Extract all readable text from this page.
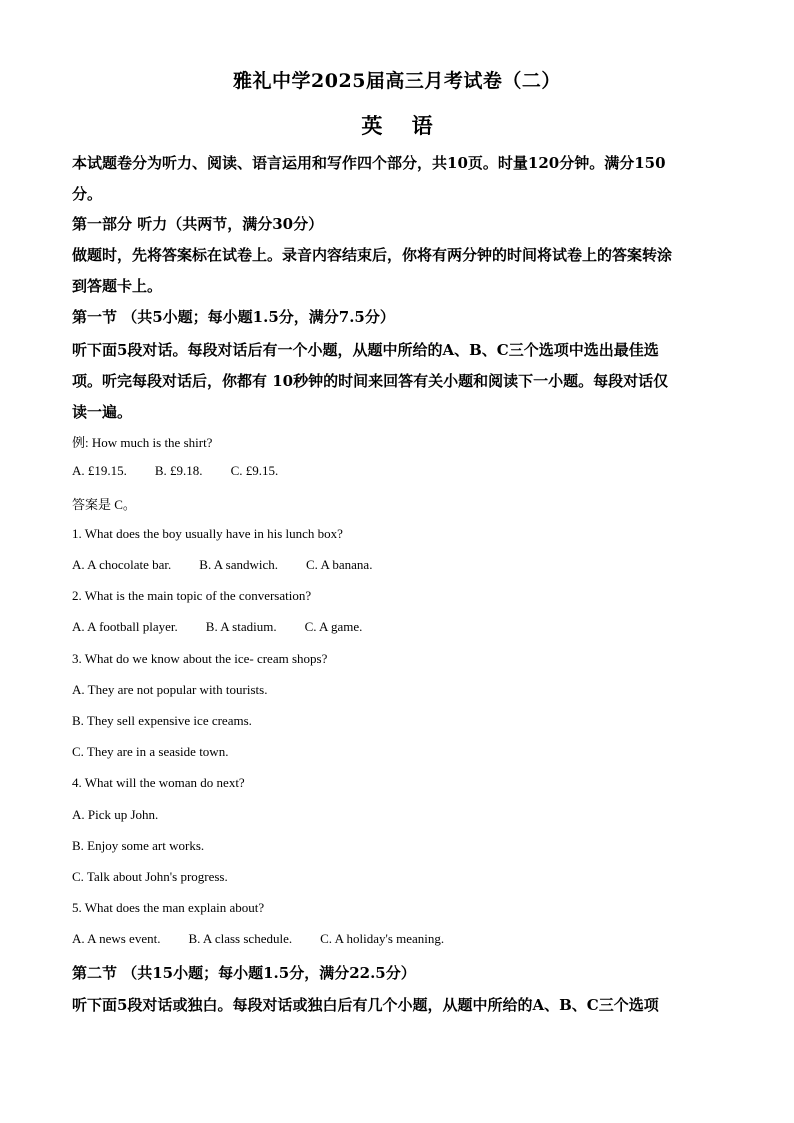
雅礼中学2025届高三月考试卷（二）
英 语
本试题卷分为听力、阅读、语言运用和写作四个部分，共10页。时量120分钟。满分150
分。
第一部分 听力（共两节，满分30分）
做题时，先将答案标在试卷上。录音内容结束后，你将有两分钟的时间将试卷上的答案转涂
到答题卡上。
第一节 （共5小题；每小题1.5分，满分7.5分）
听下面5段对话。每段对话后有一个小题，从题中所给的A、B、C三个选项中选出最佳选
项。听完每段对话后，你都有 10秒钟的时间来回答有关小题和阅读下一小题。每段对话仅
读一遍。
例: How much is the shirt?
A. £19.15. B. £9.18. C. £9.15.
答案是 C。
1. What does the boy usually have in his lunch box?
A. A chocolate bar. B. A sandwich. C. A banana.
2. What is the main topic of the conversation?
A. A football player. B. A stadium. C. A game.
3. What do we know about the ice- cream shops?
A. They are not popular with tourists.
B. They sell expensive ice creams.
C. They are in a seaside town.
4. What will the woman do next?
A. Pick up John.
B. Enjoy some art works.
C. Talk about John's progress.
5. What does the man explain about?
A. A news event. B. A class schedule. C. A holiday's meaning.
第二节 （共15小题；每小题1.5分，满分22.5分）
听下面5段对话或独白。每段对话或独白后有几个小题，从题中所给的A、B、C三个选项
